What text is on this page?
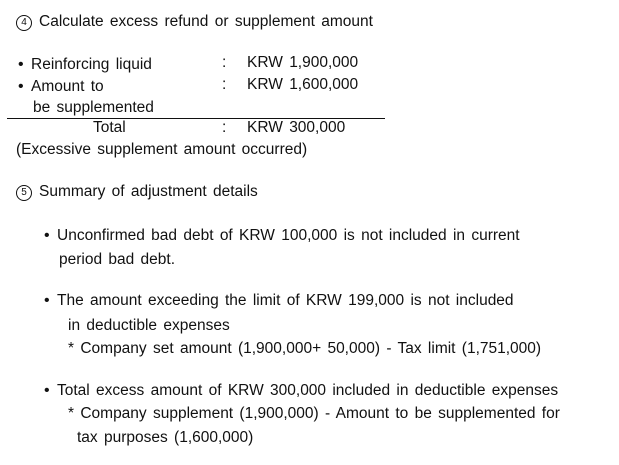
4 Calculate excess refund or supplement amount
• Reinforcing liquid	: KRW 1,900,000
• Amount to
be supplemented
: KRW 1,600,000
Total	: KRW 300,000
(Excessive supplement amount occurred)
5 Summary of adjustment details
• Unconfirmed bad debt of KRW 100,000 is not included in current
period bad debt.
• The amount exceeding the limit of KRW 199,000 is not included
in deductible expenses
* Company set amount (1,900,000+ 50,000) - Tax limit (1,751,000)
• Total excess amount of KRW 300,000 included in deductible expenses
* Company supplement (1,900,000) - Amount to be supplemented for
tax purposes (1,600,000)
